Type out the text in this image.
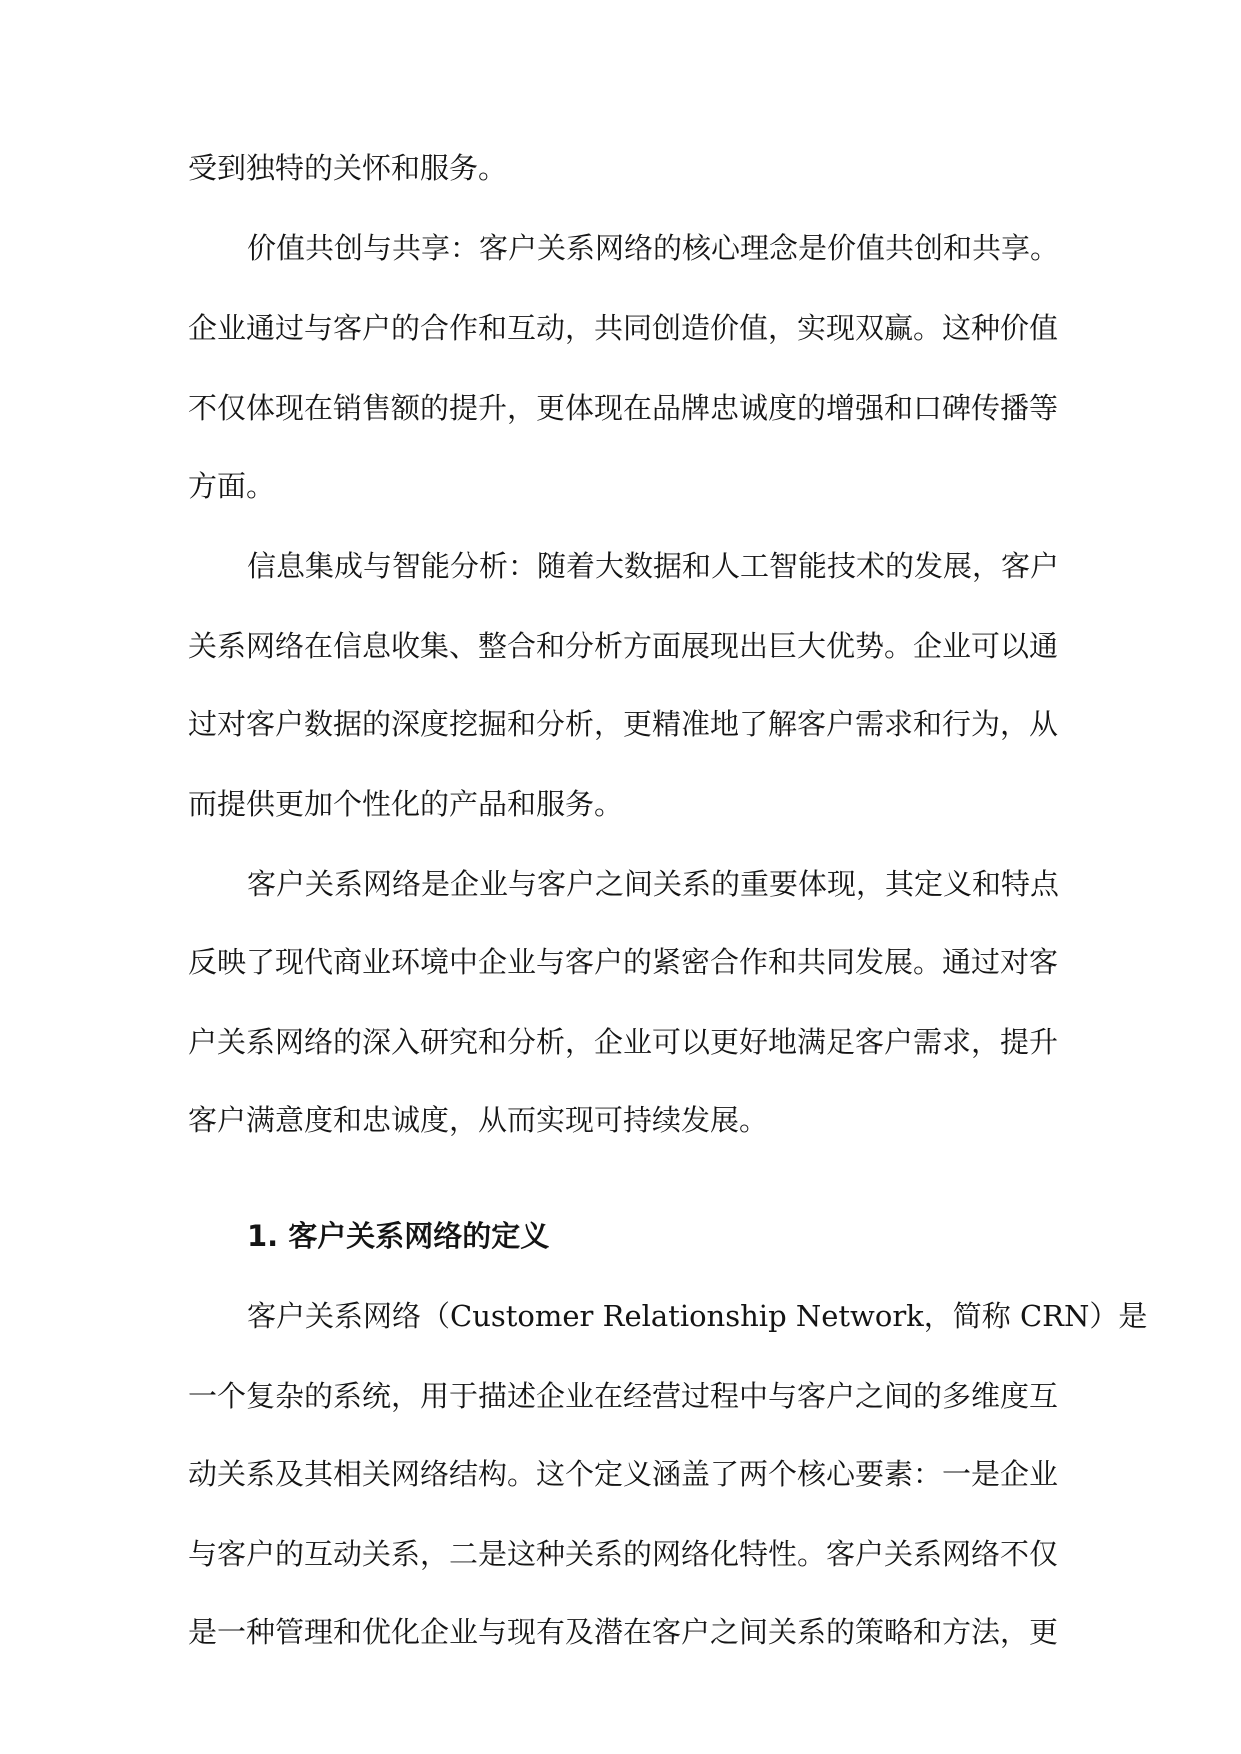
受到独特的关怀和服务。
价值共创与共享：客户关系网络的核心理念是价值共创和共享。
企业通过与客户的合作和互动，共同创造价值，实现双赢。这种价值
不仅体现在销售额的提升，更体现在品牌忠诚度的增强和口碑传播等
方面。
信息集成与智能分析：随着大数据和人工智能技术的发展，客户
关系网络在信息收集、整合和分析方面展现出巨大优势。企业可以通
过对客户数据的深度挖掘和分析，更精准地了解客户需求和行为，从
而提供更加个性化的产品和服务。
客户关系网络是企业与客户之间关系的重要体现，其定义和特点
反映了现代商业环境中企业与客户的紧密合作和共同发展。通过对客
户关系网络的深入研究和分析，企业可以更好地满足客户需求，提升
客户满意度和忠诚度，从而实现可持续发展。
1. 客户关系网络的定义
客户关系网络（Customer Relationship Network，简称 CRN）是
一个复杂的系统，用于描述企业在经营过程中与客户之间的多维度互
动关系及其相关网络结构。这个定义涵盖了两个核心要素：一是企业
与客户的互动关系，二是这种关系的网络化特性。客户关系网络不仅
是一种管理和优化企业与现有及潜在客户之间关系的策略和方法，更
